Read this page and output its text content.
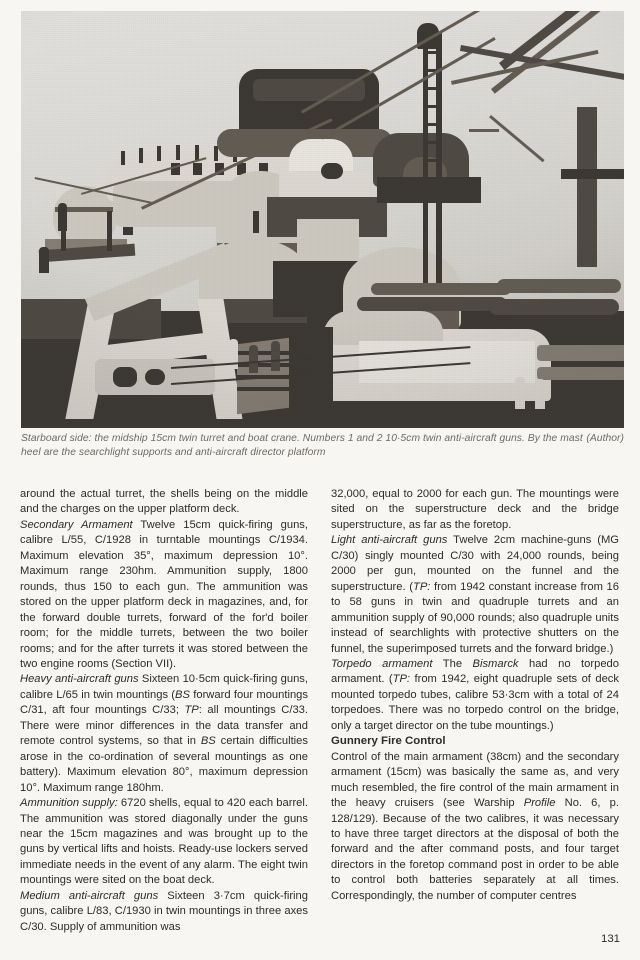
(Author)
Starboard side: the midship 15cm twin turret and boat crane. Numbers 1 and 2 10·5cm twin anti-aircraft guns. By the mast heel are the searchlight supports and anti-aircraft director platform

around the actual turret, the shells being on the middle and the charges on the upper platform deck.

Secondary Armament Twelve 15cm quick-firing guns, calibre L/55, C/1928 in turntable mountings C/1934. Maximum elevation 35°, maximum depression 10°. Maximum range 230hm. Ammunition supply, 1800 rounds, thus 150 to each gun. The ammunition was stored on the upper platform deck in magazines, and, for the forward double turrets, forward of the for'd boiler room; for the middle turrets, between the two boiler rooms; and for the after turrets it was stored between the two engine rooms (Section VII).

Heavy anti-aircraft guns Sixteen 10·5cm quick-firing guns, calibre L/65 in twin mountings (BS forward four mountings C/31, aft four mountings C/33; TP: all mountings C/33. There were minor differences in the data transfer and remote control systems, so that in BS certain difficulties arose in the co-ordination of several mountings as one battery). Maximum elevation 80°, maximum depression 10°. Maximum range 180hm.

Ammunition supply: 6720 shells, equal to 420 each barrel. The ammunition was stored diagonally under the guns near the 15cm magazines and was brought up to the guns by vertical lifts and hoists. Ready-use lockers served immediate needs in the event of any alarm. The eight twin mountings were sited on the boat deck.

Medium anti-aircraft guns Sixteen 3·7cm quick-firing guns, calibre L/83, C/1930 in twin mountings in three axes C/30. Supply of ammunition was

32,000, equal to 2000 for each gun. The mountings were sited on the superstructure deck and the bridge superstructure, as far as the foretop.

Light anti-aircraft guns Twelve 2cm machine-guns (MG C/30) singly mounted C/30 with 24,000 rounds, being 2000 per gun, mounted on the funnel and the superstructure. (TP: from 1942 constant increase from 16 to 58 guns in twin and quadruple turrets and an ammunition supply of 90,000 rounds; also quadruple units instead of searchlights with protective shutters on the funnel, the superimposed turrets and the forward bridge.)

Torpedo armament The Bismarck had no torpedo armament. (TP: from 1942, eight quadruple sets of deck mounted torpedo tubes, calibre 53·3cm with a total of 24 torpedoes. There was no torpedo control on the bridge, only a target director on the tube mountings.)

Gunnery Fire Control

Control of the main armament (38cm) and the secondary armament (15cm) was basically the same as, and very much resembled, the fire control of the main armament in the heavy cruisers (see Warship Profile No. 6, p. 128/129). Because of the two calibres, it was necessary to have three target directors at the disposal of both the forward and the after command posts, and four target directors in the foretop command post in order to be able to control both batteries separately at all times. Correspondingly, the number of computer centres

131
